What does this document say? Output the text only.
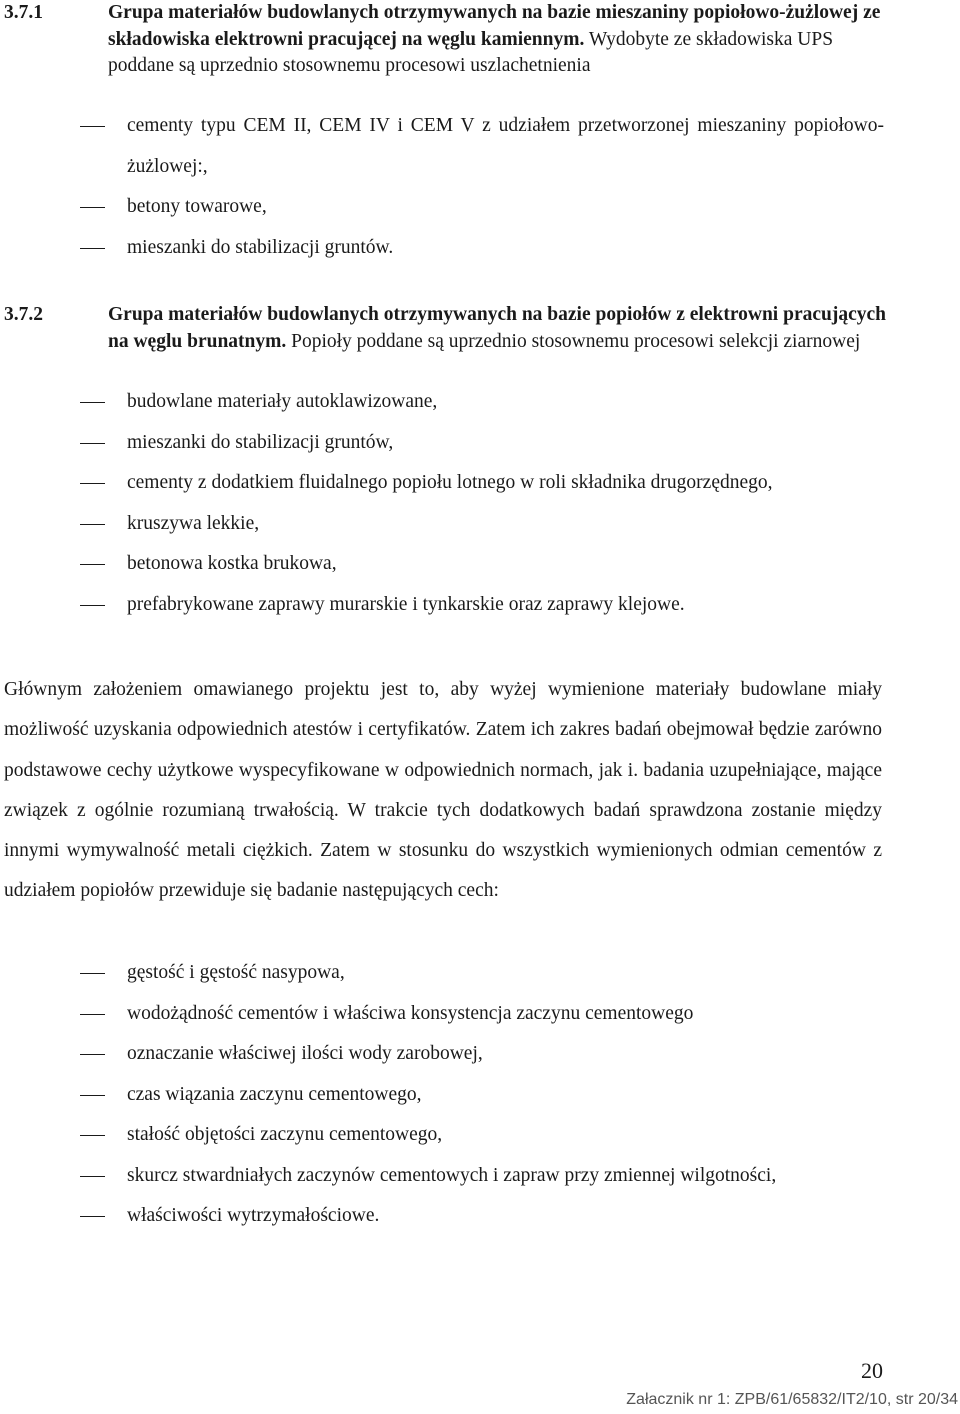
3.7.1	Grupa materiałów budowlanych otrzymywanych na bazie mieszaniny popiołowo-żużlowej ze składowiska elektrowni pracującej na węglu kamiennym. Wydobyte ze składowiska UPS poddane są uprzednio stosownemu procesowi uszlachetnienia
cementy typu CEM II, CEM IV i CEM V z udziałem przetworzonej mieszaniny popiołowo-żużlowej:,
betony towarowe,
mieszanki do stabilizacji gruntów.
3.7.2	Grupa materiałów budowlanych otrzymywanych na bazie popiołów z elektrowni pracujących na węglu brunatnym. Popioły poddane są uprzednio stosownemu procesowi selekcji ziarnowej
budowlane materiały autoklawizowane,
mieszanki do stabilizacji gruntów,
cementy z dodatkiem fluidalnego popiołu lotnego w roli składnika drugorzędnego,
kruszywa lekkie,
betonowa kostka brukowa,
prefabrykowane zaprawy murarskie i tynkarskie oraz zaprawy klejowe.

Głównym założeniem omawianego projektu jest to, aby wyżej wymienione materiały budowlane miały możliwość uzyskania odpowiednich atestów i certyfikatów. Zatem ich zakres badań obejmował będzie zarówno podstawowe cechy użytkowe wyspecyfikowane w odpowiednich normach, jak i. badania uzupełniające, mające związek z ogólnie rozumianą trwałością. W trakcie tych dodatkowych badań sprawdzona zostanie między innymi wymywalność metali ciężkich. Zatem w stosunku do wszystkich wymienionych odmian cementów z udziałem popiołów przewiduje się badanie następujących cech:

gęstość i gęstość nasypowa,
wodożądność cementów i właściwa konsystencja zaczynu cementowego
oznaczanie właściwej ilości wody zarobowej,
czas wiązania zaczynu cementowego,
stałość objętości zaczynu cementowego,
skurcz stwardniałych zaczynów cementowych i zapraw przy zmiennej wilgotności,
właściwości wytrzymałościowe.
20
Załacznik nr 1: ZPB/61/65832/IT2/10, str 20/34
